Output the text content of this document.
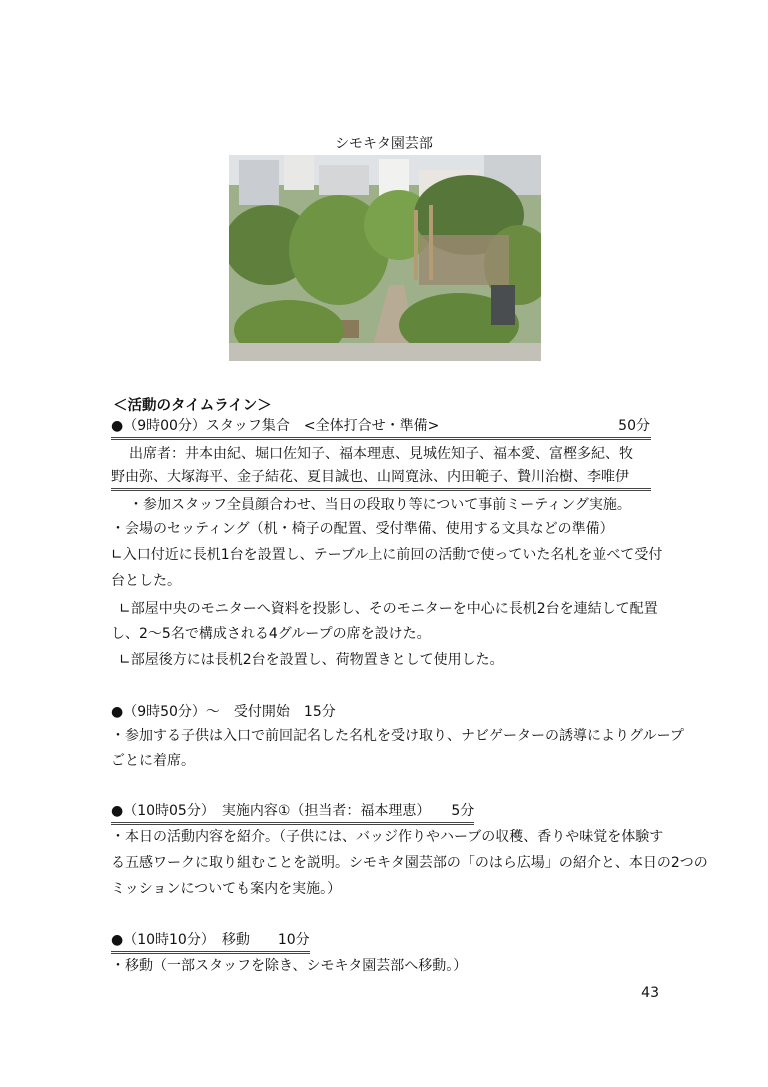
シモキタ園芸部
＜活動のタイムライン＞
●（9時00分）スタッフ集合　<全体打合せ・準備>	50分
出席者：井本由紀、堀口佐知子、福本理恵、見城佐知子、福本愛、富樫多紀、牧
野由弥、大塚海平、金子結花、夏目誠也、山岡寛泳、内田範子、贄川治樹、李唯伊
・参加スタッフ全員顔合わせ、当日の段取り等について事前ミーティング実施。
・会場のセッティング（机・椅子の配置、受付準備、使用する文具などの準備）
∟入口付近に長机1台を設置し、テーブル上に前回の活動で使っていた名札を並べて受付
台とした。
∟部屋中央のモニターへ資料を投影し、そのモニターを中心に長机2台を連結して配置
し、2～5名で構成される4グループの席を設けた。
∟部屋後方には長机2台を設置し、荷物置きとして使用した。
●（9時50分）～　受付開始　15分
・参加する子供は入口で前回記名した名札を受け取り、ナビゲーターの誘導によりグループ
ごとに着席。
●（10時05分）　実施内容①（担当者：福本理恵）　　5分
・本日の活動内容を紹介。（子供には、バッジ作りやハーブの収穫、香りや味覚を体験す
る五感ワークに取り組むことを説明。シモキタ園芸部の「のはら広場」の紹介と、本日の2つの
ミッションについても案内を実施。）
●（10時10分）　移動　　10分
・移動（一部スタッフを除き、シモキタ園芸部へ移動。）
43
